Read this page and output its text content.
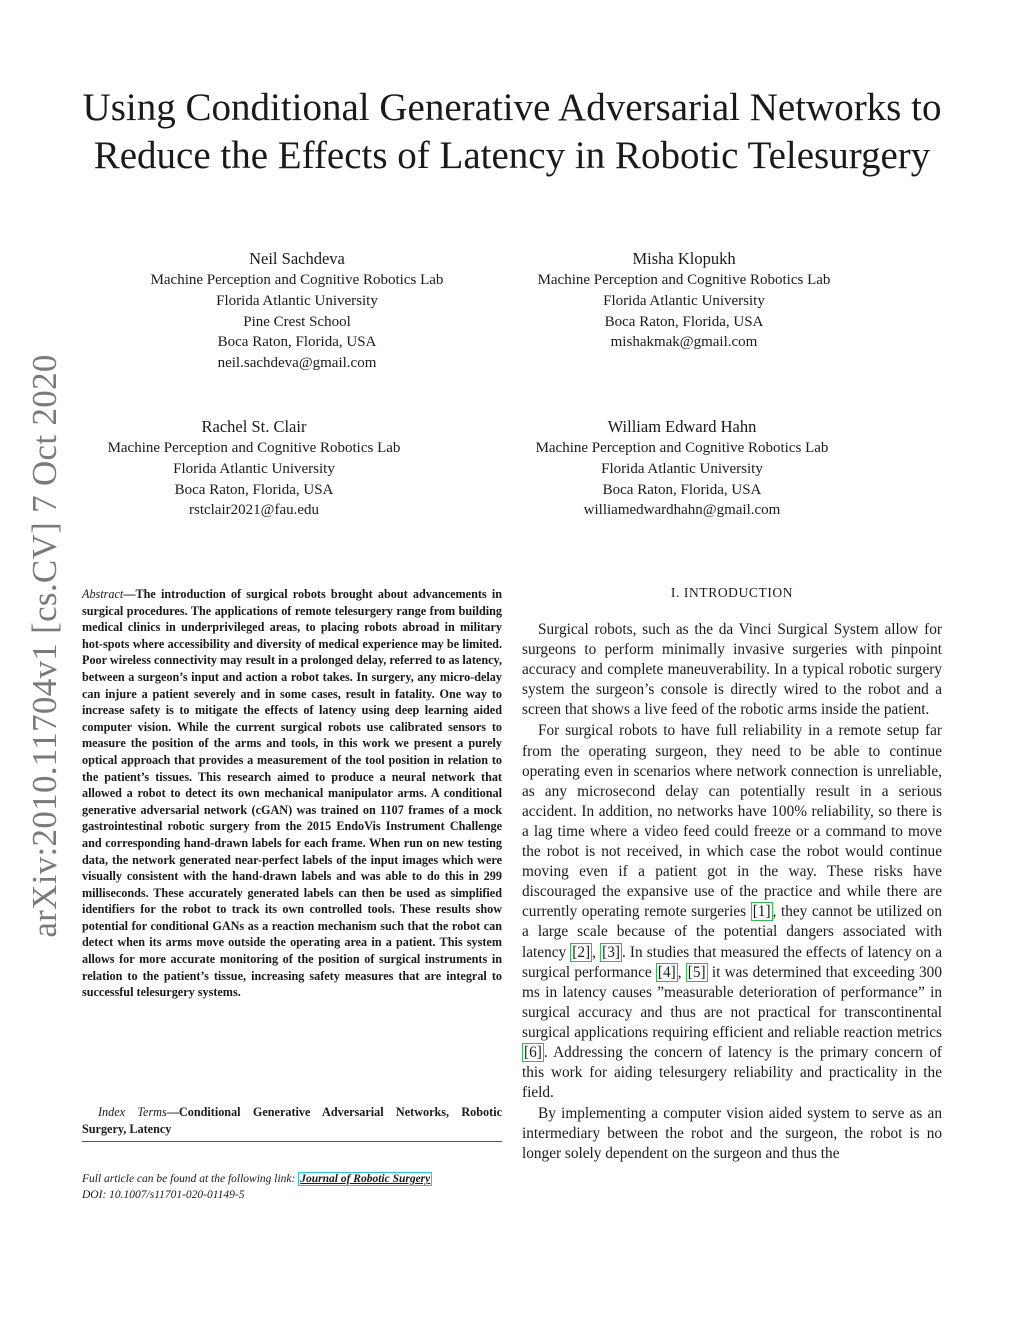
arXiv:2010.11704v1 [cs.CV] 7 Oct 2020
Using Conditional Generative Adversarial Networks to Reduce the Effects of Latency in Robotic Telesurgery
Neil Sachdeva
Machine Perception and Cognitive Robotics Lab
Florida Atlantic University
Pine Crest School
Boca Raton, Florida, USA
neil.sachdeva@gmail.com
Misha Klopukh
Machine Perception and Cognitive Robotics Lab
Florida Atlantic University
Boca Raton, Florida, USA
mishakmak@gmail.com
Rachel St. Clair
Machine Perception and Cognitive Robotics Lab
Florida Atlantic University
Boca Raton, Florida, USA
rstclair2021@fau.edu
William Edward Hahn
Machine Perception and Cognitive Robotics Lab
Florida Atlantic University
Boca Raton, Florida, USA
williamedwardhahn@gmail.com

Abstract—The introduction of surgical robots brought about advancements in surgical procedures. The applications of remote telesurgery range from building medical clinics in underprivileged areas, to placing robots abroad in military hot-spots where accessibility and diversity of medical experience may be limited. Poor wireless connectivity may result in a prolonged delay, referred to as latency, between a surgeon’s input and action a robot takes. In surgery, any micro-delay can injure a patient severely and in some cases, result in fatality. One way to increase safety is to mitigate the effects of latency using deep learning aided computer vision. While the current surgical robots use calibrated sensors to measure the position of the arms and tools, in this work we present a purely optical approach that provides a measurement of the tool position in relation to the patient’s tissues. This research aimed to produce a neural network that allowed a robot to detect its own mechanical manipulator arms. A conditional generative adversarial network (cGAN) was trained on 1107 frames of a mock gastrointestinal robotic surgery from the 2015 EndoVis Instrument Challenge and corresponding hand-drawn labels for each frame. When run on new testing data, the network generated near-perfect labels of the input images which were visually consistent with the hand-drawn labels and was able to do this in 299 milliseconds. These accurately generated labels can then be used as simplified identifiers for the robot to track its own controlled tools. These results show potential for conditional GANs as a reaction mechanism such that the robot can detect when its arms move outside the operating area in a patient. This system allows for more accurate monitoring of the position of surgical instruments in relation to the patient’s tissue, increasing safety measures that are integral to successful telesurgery systems.

Index Terms—Conditional Generative Adversarial Networks, Robotic Surgery, Latency

Full article can be found at the following link: Journal of Robotic Surgery
DOI: 10.1007/s11701-020-01149-5
I. INTRODUCTION

Surgical robots, such as the da Vinci Surgical System allow for surgeons to perform minimally invasive surgeries with pinpoint accuracy and complete maneuverability. In a typical robotic surgery system the surgeon’s console is directly wired to the robot and a screen that shows a live feed of the robotic arms inside the patient.

For surgical robots to have full reliability in a remote setup far from the operating surgeon, they need to be able to continue operating even in scenarios where network connection is unreliable, as any microsecond delay can potentially result in a serious accident. In addition, no networks have 100% reliability, so there is a lag time where a video feed could freeze or a command to move the robot is not received, in which case the robot would continue moving even if a patient got in the way. These risks have discouraged the expansive use of the practice and while there are currently operating remote surgeries [1] , they cannot be utilized on a large scale because of the potential dangers associated with latency [2] , [3] . In studies that measured the effects of latency on a surgical performance [4] , [5] it was determined that exceeding 300 ms in latency causes ”measurable deterioration of performance” in surgical accuracy and thus are not practical for transcontinental surgical applications requiring efficient and reliable reaction metrics [6] . Addressing the concern of latency is the primary concern of this work for aiding telesurgery reliability and practicality in the field.

By implementing a computer vision aided system to serve as an intermediary between the robot and the surgeon, the robot is no longer solely dependent on the surgeon and thus the
